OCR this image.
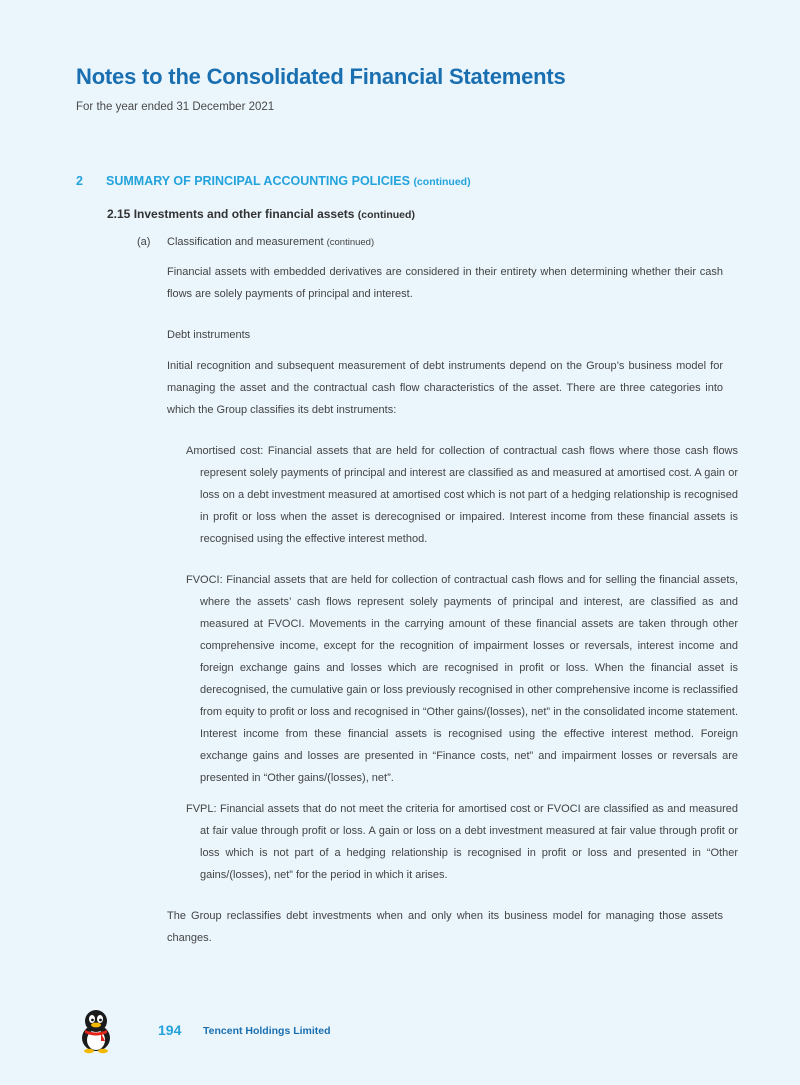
Notes to the Consolidated Financial Statements
For the year ended 31 December 2021
2 SUMMARY OF PRINCIPAL ACCOUNTING POLICIES (continued)
2.15 Investments and other financial assets (continued)
(a) Classification and measurement (continued)

Financial assets with embedded derivatives are considered in their entirety when determining whether their cash flows are solely payments of principal and interest.

Debt instruments

Initial recognition and subsequent measurement of debt instruments depend on the Group’s business model for managing the asset and the contractual cash flow characteristics of the asset. There are three categories into which the Group classifies its debt instruments:

Amortised cost: Financial assets that are held for collection of contractual cash flows where those cash flows represent solely payments of principal and interest are classified as and measured at amortised cost. A gain or loss on a debt investment measured at amortised cost which is not part of a hedging relationship is recognised in profit or loss when the asset is derecognised or impaired. Interest income from these financial assets is recognised using the effective interest method.

FVOCI: Financial assets that are held for collection of contractual cash flows and for selling the financial assets, where the assets’ cash flows represent solely payments of principal and interest, are classified as and measured at FVOCI. Movements in the carrying amount of these financial assets are taken through other comprehensive income, except for the recognition of impairment losses or reversals, interest income and foreign exchange gains and losses which are recognised in profit or loss. When the financial asset is derecognised, the cumulative gain or loss previously recognised in other comprehensive income is reclassified from equity to profit or loss and recognised in “Other gains/(losses), net” in the consolidated income statement. Interest income from these financial assets is recognised using the effective interest method. Foreign exchange gains and losses are presented in “Finance costs, net” and impairment losses or reversals are presented in “Other gains/(losses), net”.

FVPL: Financial assets that do not meet the criteria for amortised cost or FVOCI are classified as and measured at fair value through profit or loss. A gain or loss on a debt investment measured at fair value through profit or loss which is not part of a hedging relationship is recognised in profit or loss and presented in “Other gains/(losses), net” for the period in which it arises.

The Group reclassifies debt investments when and only when its business model for managing those assets changes.

194 Tencent Holdings Limited
